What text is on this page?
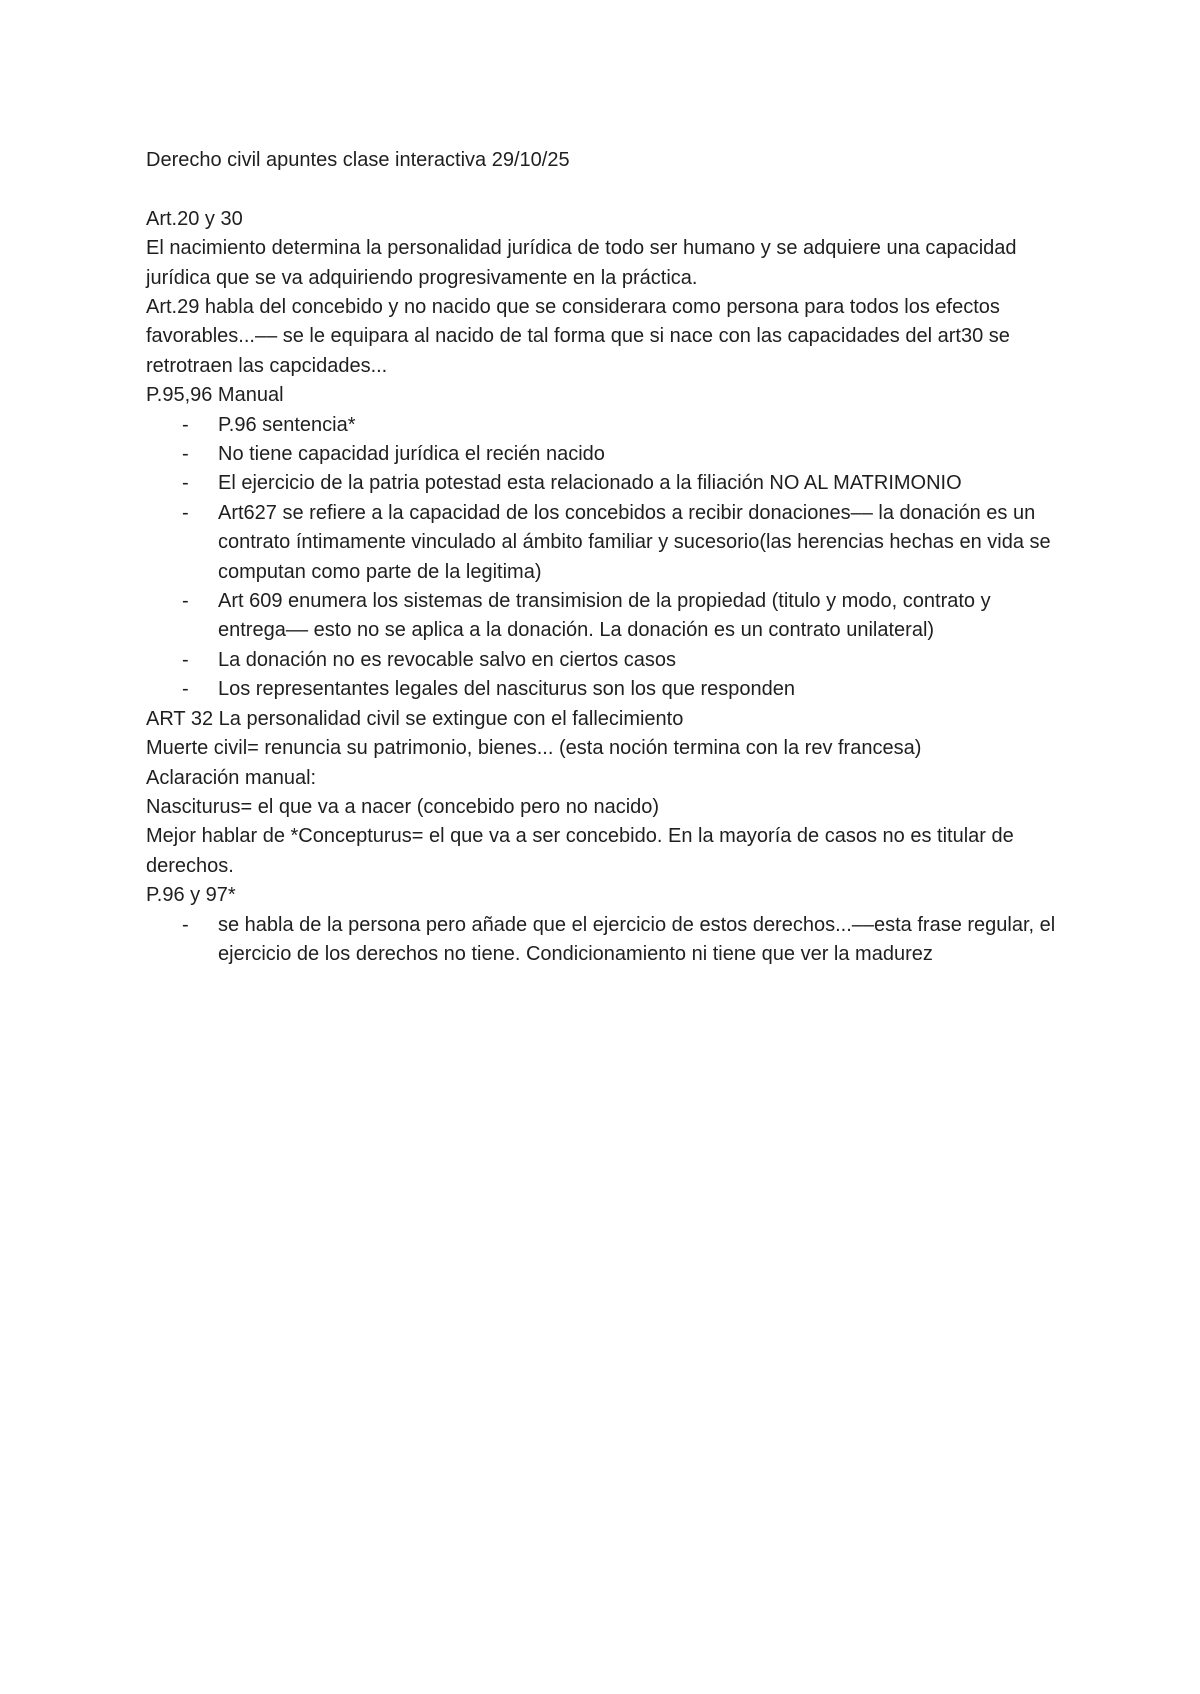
Derecho civil apuntes clase interactiva 29/10/25

Art.20 y 30

El nacimiento determina la personalidad jurídica de todo ser humano y se adquiere una capacidad jurídica que se va adquiriendo progresivamente en la práctica.

Art.29 habla del concebido y no nacido que se considerara como persona para todos los efectos favorables...–– se le equipara al nacido de tal forma que si nace con las capacidades del art30 se retrotraen las capcidades...

P.95,96 Manual

-	P.96 sentencia*
-	No tiene capacidad jurídica el recién nacido
-	El ejercicio de la patria potestad esta relacionado a la filiación NO AL MATRIMONIO
-	Art627 se refiere a la capacidad de los concebidos a recibir donaciones–– la donación es un contrato íntimamente vinculado al ámbito familiar y sucesorio(las herencias hechas en vida se computan como parte de la legitima)
-	Art 609 enumera los sistemas de transimision de la propiedad (titulo y modo, contrato y entrega–– esto no se aplica a la donación. La donación es un contrato unilateral)
-	La donación no es revocable salvo en ciertos casos
-	Los representantes legales del nasciturus son los que responden

ART 32 La personalidad civil se extingue con el fallecimiento

Muerte civil= renuncia su patrimonio, bienes... (esta noción termina con la rev francesa)

Aclaración manual:

Nasciturus= el que va a nacer (concebido pero no nacido)

Mejor hablar de *Concepturus= el que va a ser concebido. En la mayoría de casos no es titular de derechos.

P.96 y 97*

-	se habla de la persona pero añade que el ejercicio de estos derechos...––esta frase regular, el ejercicio de los derechos no tiene. Condicionamiento ni tiene que ver la madurez
